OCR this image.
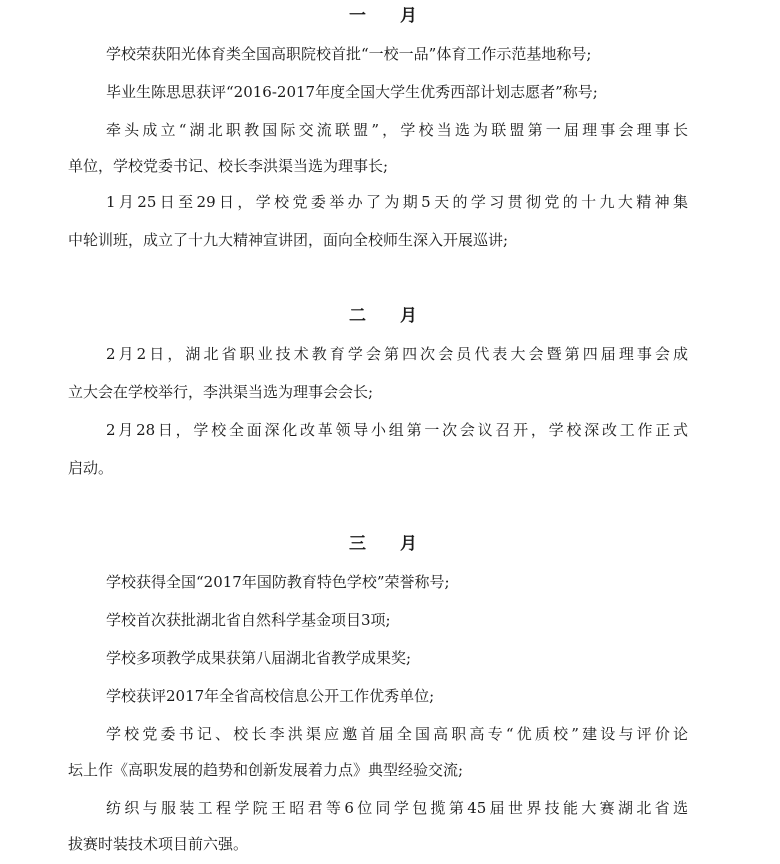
一 月
学校荣获阳光体育类全国高职院校首批“一校一品”体育工作示范基地称号;
毕业生陈思思获评“2016-2017年度全国大学生优秀西部计划志愿者”称号;
牵头成立“湖北职教国际交流联盟”，学校当选为联盟第一届理事会理事长
单位，学校党委书记、校长李洪渠当选为理事长;
1月25日至29日，学校党委举办了为期5天的学习贯彻党的十九大精神集
中轮训班，成立了十九大精神宣讲团，面向全校师生深入开展巡讲;
二 月
2月2日，湖北省职业技术教育学会第四次会员代表大会暨第四届理事会成
立大会在学校举行，李洪渠当选为理事会会长;
2月28日，学校全面深化改革领导小组第一次会议召开，学校深改工作正式
启动。
三 月
学校获得全国“2017年国防教育特色学校”荣誉称号;
学校首次获批湖北省自然科学基金项目3项;
学校多项教学成果获第八届湖北省教学成果奖;
学校获评2017年全省高校信息公开工作优秀单位;
学校党委书记、校长李洪渠应邀首届全国高职高专“优质校”建设与评价论
坛上作《高职发展的趋势和创新发展着力点》典型经验交流;
纺织与服装工程学院王昭君等6位同学包揽第45届世界技能大赛湖北省选
拔赛时装技术项目前六强。
